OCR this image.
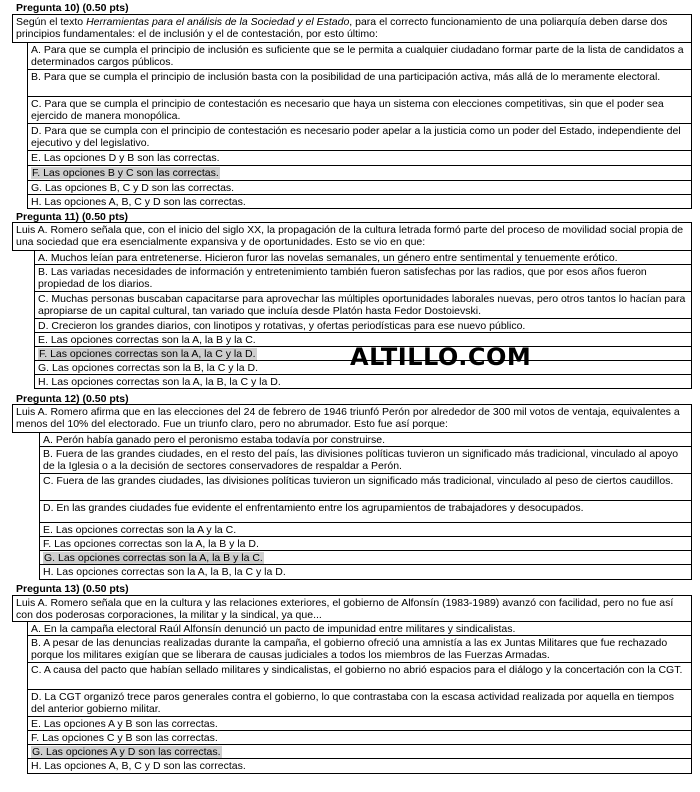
Pregunta 10) (0.50 pts)
Según el texto Herramientas para el análisis de la Sociedad y el Estado, para el correcto funcionamiento de una poliarquía deben darse dos principios fundamentales: el de inclusión y el de contestación, por esto último:
A. Para que se cumpla el principio de inclusión es suficiente que se le permita a cualquier ciudadano formar parte de la lista de candidatos a determinados cargos públicos.
B. Para que se cumpla el principio de inclusión basta con la posibilidad de una participación activa, más allá de lo meramente electoral.
C. Para que se cumpla el principio de contestación es necesario que haya un sistema con elecciones competitivas, sin que el poder sea ejercido de manera monopólica.
D. Para que se cumpla con el principio de contestación es necesario poder apelar a la justicia como un poder del Estado, independiente del ejecutivo y del legislativo.
E. Las opciones D y B son las correctas.
F. Las opciones B y C son las correctas.
G. Las opciones B, C y D son las correctas.
H. Las opciones A, B, C y D son las correctas.
Pregunta 11) (0.50 pts)
Luis A. Romero señala que, con el inicio del siglo XX, la propagación de la cultura letrada formó parte del proceso de movilidad social propia de una sociedad que era esencialmente expansiva y de oportunidades. Esto se vio en que:
A. Muchos leían para entretenerse. Hicieron furor las novelas semanales, un género entre sentimental y tenuemente erótico.
B. Las variadas necesidades de información y entretenimiento también fueron satisfechas por las radios, que por esos años fueron propiedad de los diarios.
C. Muchas personas buscaban capacitarse para aprovechar las múltiples oportunidades laborales nuevas, pero otros tantos lo hacían para apropiarse de un capital cultural, tan variado que incluía desde Platón hasta Fedor Dostoievski.
D. Crecieron los grandes diarios, con linotipos y rotativas, y ofertas periodísticas para ese nuevo público.
E. Las opciones correctas son la A, la B y la C.
F. Las opciones correctas son la A, la C y la D.
G. Las opciones correctas son la B, la C y la D.
H. Las opciones correctas son la A, la B, la C y la D.
ALTILLO.COM
Pregunta 12) (0.50 pts)
Luis A. Romero afirma que en las elecciones del 24 de febrero de 1946 triunfó Perón por alrededor de 300 mil votos de ventaja, equivalentes a menos del 10% del electorado. Fue un triunfo claro, pero no abrumador. Esto fue así porque:
A. Perón había ganado pero el peronismo estaba todavía por construirse.
B. Fuera de las grandes ciudades, en el resto del país, las divisiones políticas tuvieron un significado más tradicional, vinculado al apoyo de la Iglesia o a la decisión de sectores conservadores de respaldar a Perón.
C. Fuera de las grandes ciudades, las divisiones políticas tuvieron un significado más tradicional, vinculado al peso de ciertos caudillos.
D. En las grandes ciudades fue evidente el enfrentamiento entre los agrupamientos de trabajadores y desocupados.
E. Las opciones correctas son la A y la C.
F. Las opciones correctas son la A, la B y la D.
G. Las opciones correctas son la A, la B y la C.
H. Las opciones correctas son la A, la B, la C y la D.
Pregunta 13) (0.50 pts)
Luis A. Romero señala que en la cultura y las relaciones exteriores, el gobierno de Alfonsín (1983-1989) avanzó con facilidad, pero no fue así con dos poderosas corporaciones, la militar y la sindical, ya que...
A. En la campaña electoral Raúl Alfonsín denunció un pacto de impunidad entre militares y sindicalistas.
B. A pesar de las denuncias realizadas durante la campaña, el gobierno ofreció una amnistía a las ex Juntas Militares que fue rechazado porque los militares exigían que se liberara de causas judiciales a todos los miembros de las Fuerzas Armadas.
C. A causa del pacto que habían sellado militares y sindicalistas, el gobierno no abrió espacios para el diálogo y la concertación con la CGT.
D. La CGT organizó trece paros generales contra el gobierno, lo que contrastaba con la escasa actividad realizada por aquella en tiempos del anterior gobierno militar.
E. Las opciones A y B son las correctas.
F. Las opciones C y B son las correctas.
G. Las opciones A y D son las correctas.
H. Las opciones A, B, C y D son las correctas.
